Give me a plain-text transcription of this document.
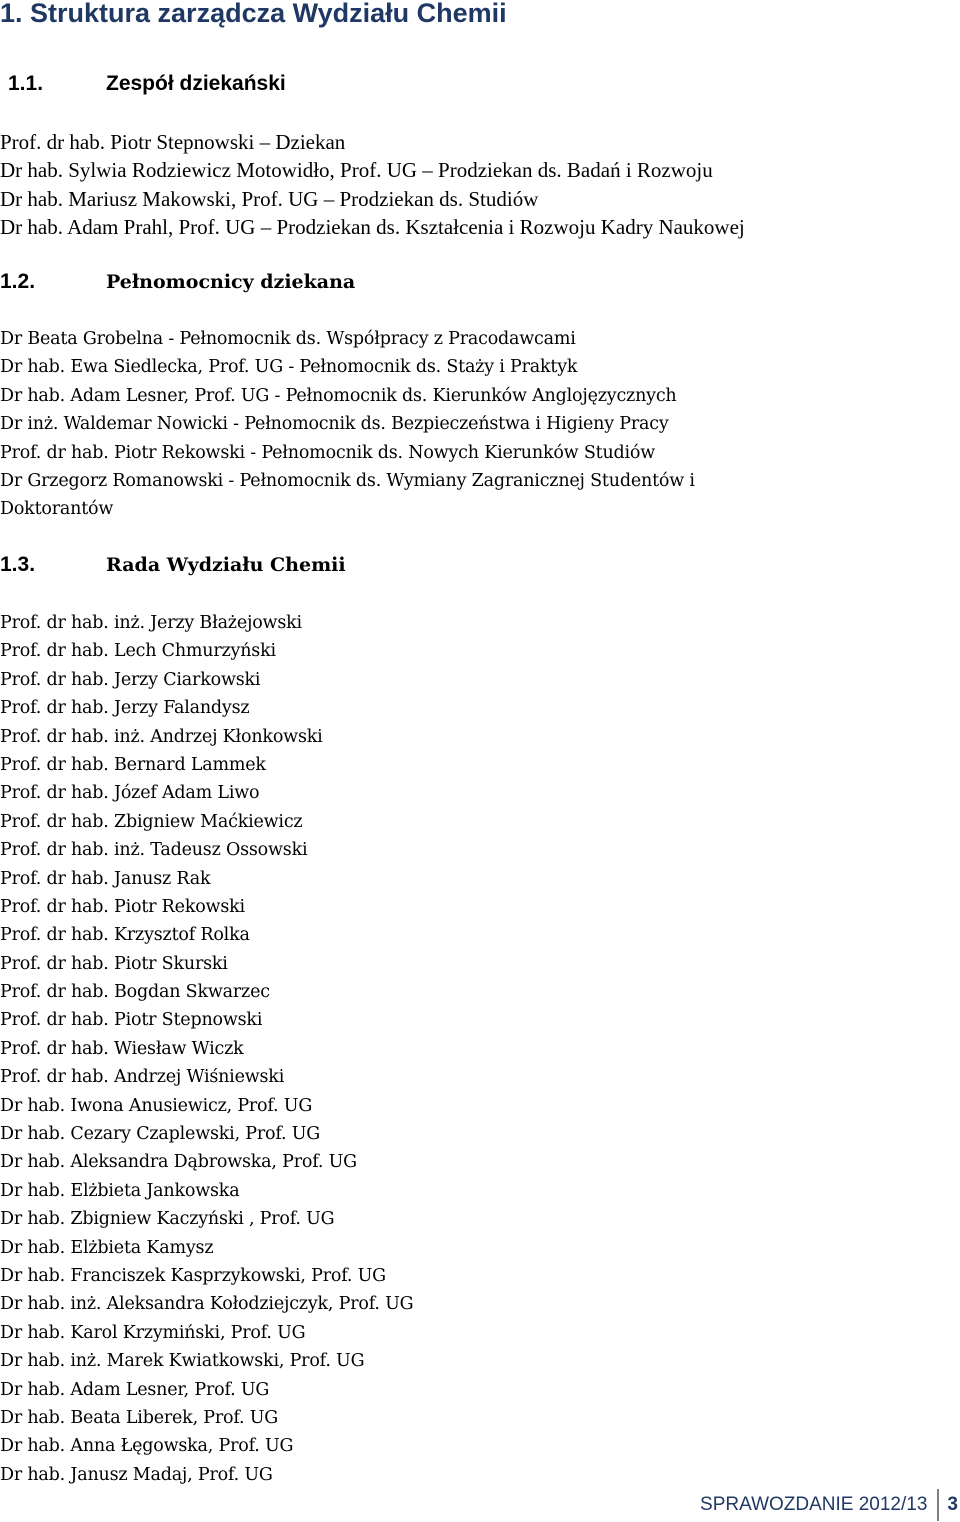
1. Struktura zarządcza Wydziału Chemii
1.1.	Zespół dziekański
Prof. dr hab. Piotr Stepnowski – Dziekan
Dr hab. Sylwia Rodziewicz Motowidło, Prof. UG – Prodziekan ds. Badań i Rozwoju
Dr hab. Mariusz Makowski, Prof. UG – Prodziekan ds. Studiów
Dr hab. Adam Prahl, Prof. UG – Prodziekan ds. Kształcenia i Rozwoju Kadry Naukowej
1.2.	Pełnomocnicy dziekana
Dr Beata Grobelna - Pełnomocnik ds. Współpracy z Pracodawcami
Dr hab. Ewa Siedlecka, Prof. UG - Pełnomocnik ds. Staży i Praktyk
Dr hab. Adam Lesner, Prof. UG - Pełnomocnik ds. Kierunków Anglojęzycznych
Dr inż. Waldemar Nowicki - Pełnomocnik ds. Bezpieczeństwa i Higieny Pracy
Prof. dr hab. Piotr Rekowski - Pełnomocnik ds. Nowych Kierunków Studiów
Dr Grzegorz Romanowski - Pełnomocnik ds. Wymiany Zagranicznej Studentów i
Doktorantów
1.3.	Rada Wydziału Chemii
Prof. dr hab. inż. Jerzy Błażejowski
Prof. dr hab. Lech Chmurzyński
Prof. dr hab. Jerzy Ciarkowski
Prof. dr hab. Jerzy Falandysz
Prof. dr hab. inż. Andrzej Kłonkowski
Prof. dr hab. Bernard Lammek
Prof. dr hab. Józef Adam Liwo
Prof. dr hab. Zbigniew Maćkiewicz
Prof. dr hab. inż. Tadeusz Ossowski
Prof. dr hab. Janusz Rak
Prof. dr hab. Piotr Rekowski
Prof. dr hab. Krzysztof Rolka
Prof. dr hab. Piotr Skurski
Prof. dr hab. Bogdan Skwarzec
Prof. dr hab. Piotr Stepnowski
Prof. dr hab. Wiesław Wiczk
Prof. dr hab. Andrzej Wiśniewski
Dr hab. Iwona Anusiewicz, Prof. UG
Dr hab. Cezary Czaplewski, Prof. UG
Dr hab. Aleksandra Dąbrowska, Prof. UG
Dr hab. Elżbieta Jankowska
Dr hab. Zbigniew Kaczyński , Prof. UG
Dr hab. Elżbieta Kamysz
Dr hab. Franciszek Kasprzykowski, Prof. UG
Dr hab. inż. Aleksandra Kołodziejczyk, Prof. UG
Dr hab. Karol Krzymiński, Prof. UG
Dr hab. inż. Marek Kwiatkowski, Prof. UG
Dr hab. Adam Lesner, Prof. UG
Dr hab. Beata Liberek, Prof. UG
Dr hab. Anna Łęgowska, Prof. UG
Dr hab. Janusz Madaj, Prof. UG
SPRAWOZDANIE 2012/13	3
